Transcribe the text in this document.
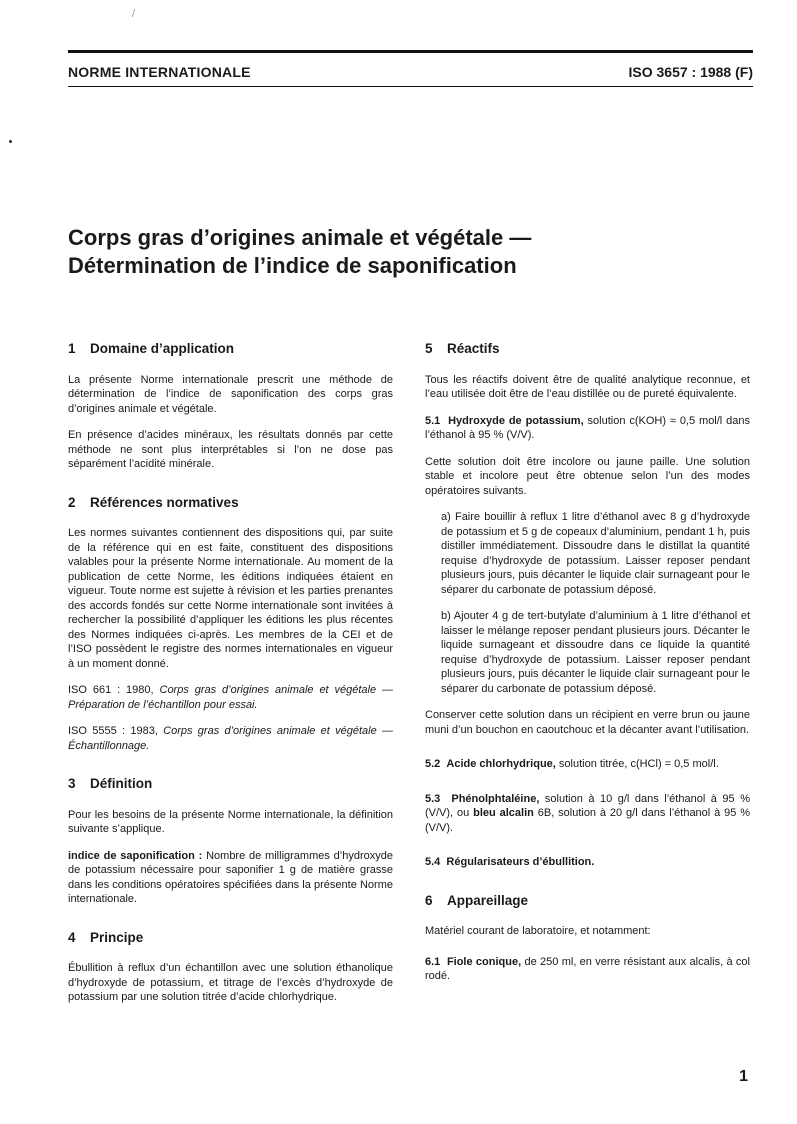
/
NORME INTERNATIONALE	ISO 3657 : 1988 (F)
Corps gras d’origines animale et végétale —
Détermination de l’indice de saponification
1 Domaine d’application

La présente Norme internationale prescrit une méthode de détermination de l’indice de saponification des corps gras d’origines animale et végétale.

En présence d’acides minéraux, les résultats donnés par cette méthode ne sont plus interprétables si l’on ne dose pas séparément l’acidité minérale.

2 Références normatives

Les normes suivantes contiennent des dispositions qui, par suite de la référence qui en est faite, constituent des dispositions valables pour la présente Norme internationale. Au moment de la publication de cette Norme, les éditions indiquées étaient en vigueur. Toute norme est sujette à révision et les parties prenantes des accords fondés sur cette Norme internationale sont invitées à rechercher la possibilité d’appliquer les éditions les plus récentes des Normes indiquées ci-après. Les membres de la CEI et de l’ISO possèdent le registre des normes internationales en vigueur à un moment donné.

ISO 661 : 1980, Corps gras d’origines animale et végétale — Préparation de l’échantillon pour essai.

ISO 5555 : 1983, Corps gras d’origines animale et végétale — Échantillonnage.

3 Définition

Pour les besoins de la présente Norme internationale, la définition suivante s’applique.

indice de saponification : Nombre de milligrammes d’hydroxyde de potassium nécessaire pour saponifier 1 g de matière grasse dans les conditions opératoires spécifiées dans la présente Norme internationale.

4 Principe

Ébullition à reflux d’un échantillon avec une solution éthanolique d’hydroxyde de potassium, et titrage de l’excès d’hydroxyde de potassium par une solution titrée d’acide chlorhydrique.

5 Réactifs

Tous les réactifs doivent être de qualité analytique reconnue, et l’eau utilisée doit être de l’eau distillée ou de pureté équivalente.

5.1 Hydroxyde de potassium, solution c(KOH) ≈ 0,5 mol/l dans l’éthanol à 95 % (V/V).

Cette solution doit être incolore ou jaune paille. Une solution stable et incolore peut être obtenue selon l’un des modes opératoires suivants.

a) Faire bouillir à reflux 1 litre d’éthanol avec 8 g d’hydroxyde de potassium et 5 g de copeaux d’aluminium, pendant 1 h, puis distiller immédiatement. Dissoudre dans le distillat la quantité requise d’hydroxyde de potassium. Laisser reposer pendant plusieurs jours, puis décanter le liquide clair surnageant pour le séparer du carbonate de potassium déposé.

b) Ajouter 4 g de tert-butylate d’aluminium à 1 litre d’éthanol et laisser le mélange reposer pendant plusieurs jours. Décanter le liquide surnageant et dissoudre dans ce liquide la quantité requise d’hydroxyde de potassium. Laisser reposer pendant plusieurs jours, puis décanter le liquide clair surnageant pour le séparer du carbonate de potassium déposé.

Conserver cette solution dans un récipient en verre brun ou jaune muni d’un bouchon en caoutchouc et la décanter avant l’utilisation.

5.2 Acide chlorhydrique, solution titrée, c(HCl) = 0,5 mol/l.

5.3 Phénolphtaléine, solution à 10 g/l dans l’éthanol à 95 % (V/V), ou bleu alcalin 6B, solution à 20 g/l dans l’éthanol à 95 % (V/V).

5.4 Régularisateurs d’ébullition.

6 Appareillage

Matériel courant de laboratoire, et notamment:

6.1 Fiole conique, de 250 ml, en verre résistant aux alcalis, à col rodé.

1
